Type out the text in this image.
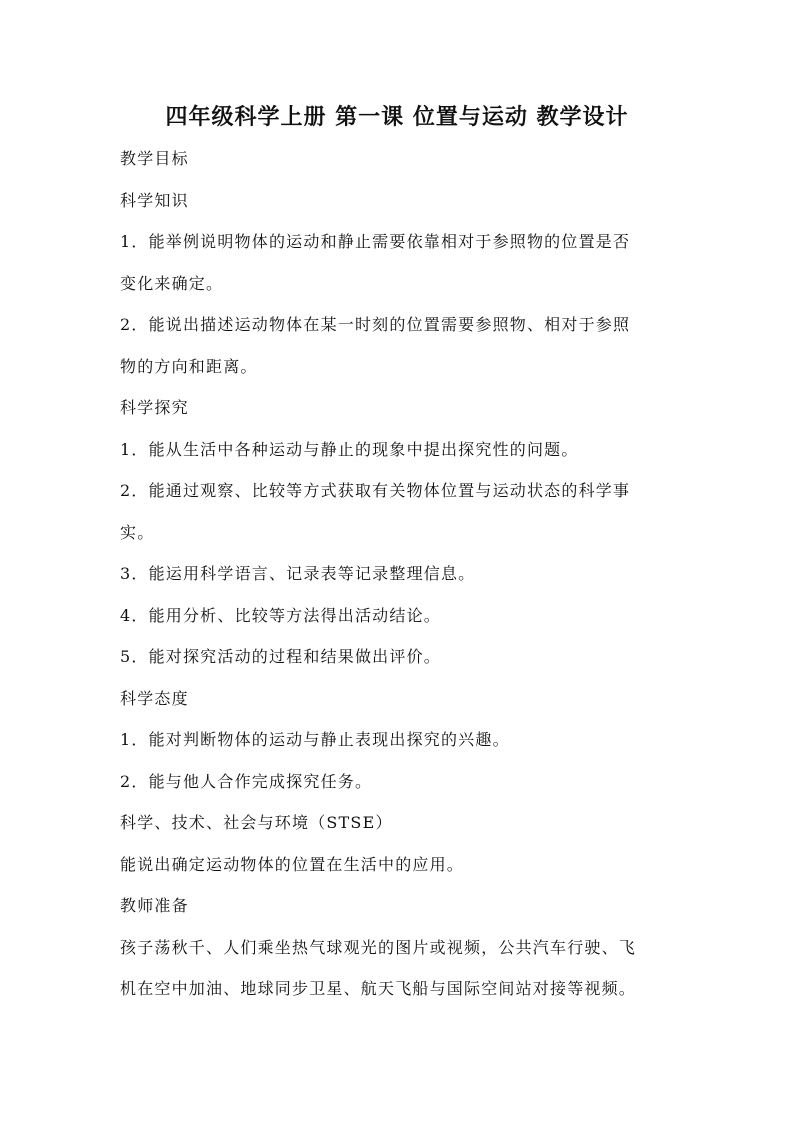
四年级科学上册 第一课 位置与运动 教学设计
教学目标
科学知识
1．能举例说明物体的运动和静止需要依靠相对于参照物的位置是否
变化来确定。
2．能说出描述运动物体在某一时刻的位置需要参照物、相对于参照
物的方向和距离。
科学探究
1．能从生活中各种运动与静止的现象中提出探究性的问题。
2．能通过观察、比较等方式获取有关物体位置与运动状态的科学事
实。
3．能运用科学语言、记录表等记录整理信息。
4．能用分析、比较等方法得出活动结论。
5．能对探究活动的过程和结果做出评价。
科学态度
1．能对判断物体的运动与静止表现出探究的兴趣。
2．能与他人合作完成探究任务。
科学、技术、社会与环境（STSE）
能说出确定运动物体的位置在生活中的应用。
教师准备
孩子荡秋千、人们乘坐热气球观光的图片或视频，公共汽车行驶、飞
机在空中加油、地球同步卫星、航天飞船与国际空间站对接等视频。
